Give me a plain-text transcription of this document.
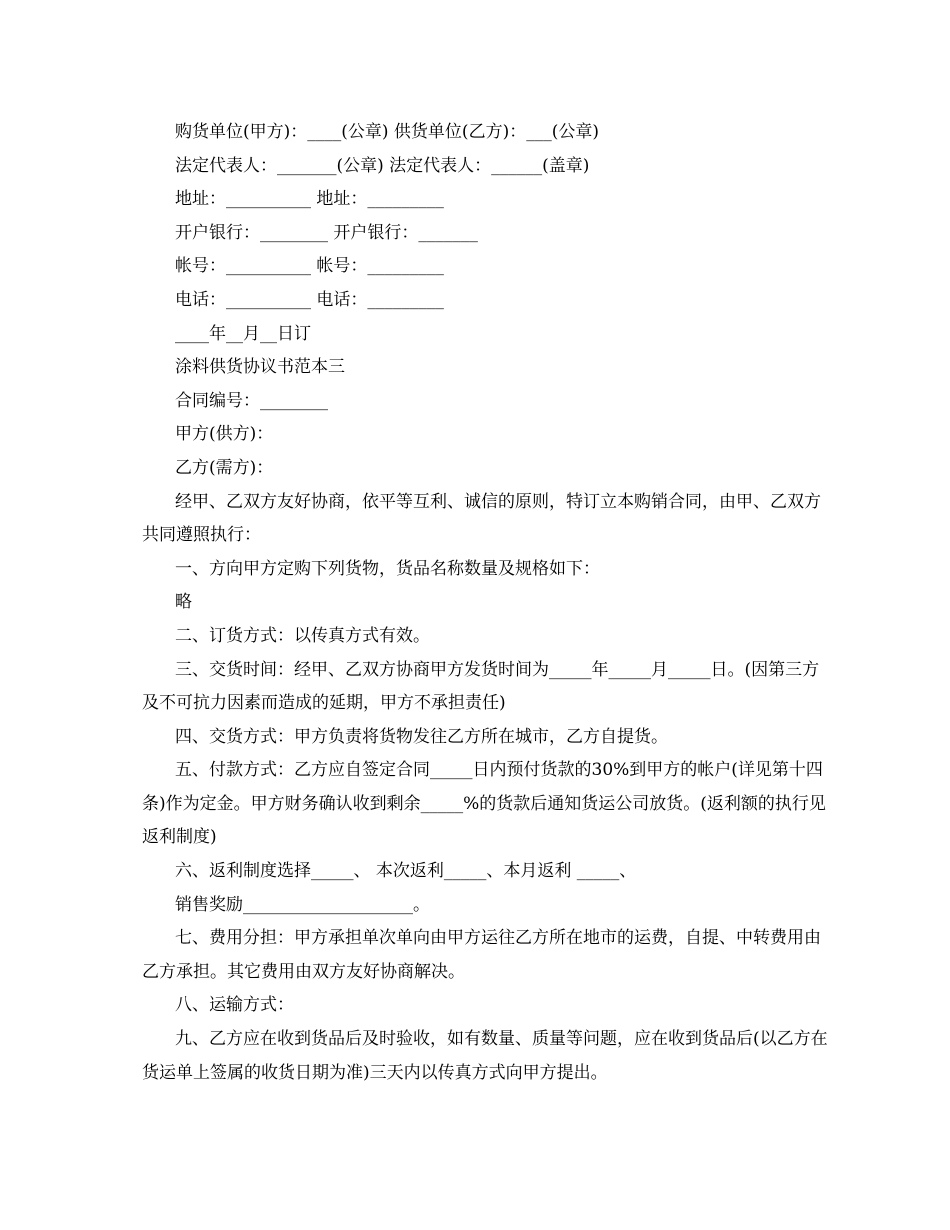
购货单位(甲方)：____(公章) 供货单位(乙方)：___(公章)
法定代表人：_______(公章) 法定代表人：______(盖章)
地址：__________ 地址：_________
开户银行：________ 开户银行：_______
帐号：__________ 帐号：_________
电话：__________ 电话：_________
____年__月__日订
涂料供货协议书范本三
合同编号：________
甲方(供方)：
乙方(需方)：

经甲、乙双方友好协商，依平等互利、诚信的原则，特订立本购销合同，由甲、乙双方共同遵照执行：

一、方向甲方定购下列货物，货品名称数量及规格如下：

略

二、订货方式：以传真方式有效。

三、交货时间：经甲、乙双方协商甲方发货时间为_____年_____月_____日。(因第三方及不可抗力因素而造成的延期，甲方不承担责任)

四、交货方式：甲方负责将货物发往乙方所在城市，乙方自提货。

五、付款方式：乙方应自签定合同_____日内预付货款的30%到甲方的帐户(详见第十四条)作为定金。甲方财务确认收到剩余_____%的货款后通知货运公司放货。(返利额的执行见返利制度)

六、返利制度选择_____、 本次返利_____、本月返利 _____、

销售奖励____________________。

七、费用分担：甲方承担单次单向由甲方运往乙方所在地市的运费，自提、中转费用由乙方承担。其它费用由双方友好协商解决。

八、运输方式：

九、乙方应在收到货品后及时验收，如有数量、质量等问题，应在收到货品后(以乙方在货运单上签属的收货日期为准)三天内以传真方式向甲方提出。
